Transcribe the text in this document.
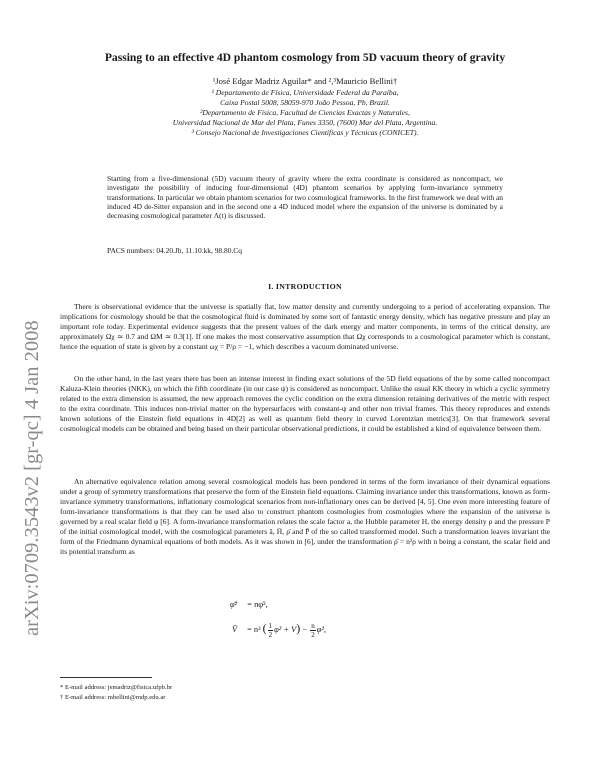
arXiv:0709.3543v2 [gr-qc] 4 Jan 2008
Passing to an effective 4D phantom cosmology from 5D vacuum theory of gravity
¹José Edgar Madriz Aguilar* and ²,³Mauricio Bellini†
¹ Departamento de Física, Universidade Federal da Paraíba,
Caixa Postal 5008, 58059-970 João Pessoa, Pb, Brazil.
²Departamento de Física, Facultad de Ciencias Exactas y Naturales,
Universidad Nacional de Mar del Plata, Funes 3350, (7600) Mar del Plata, Argentina.
³ Consejo Nacional de Investigaciones Científicas y Técnicas (CONICET).
Starting from a five-dimensional (5D) vacuum theory of gravity where the extra coordinate is considered as noncompact, we investigate the possibility of inducing four-dimensional (4D) phantom scenarios by applying form-invariance symmetry transformations. In particular we obtain phantom scenarios for two cosmological frameworks. In the first framework we deal with an induced 4D de-Sitter expansion and in the second one a 4D induced model where the expansion of the universe is dominated by a decreasing cosmological parameter Λ(t) is discussed.
PACS numbers: 04.20.Jb, 11.10.kk, 98.80.Cq
I. INTRODUCTION

There is observational evidence that the universe is spatially flat, low matter density and currently undergoing to a period of accelerating expansion. The implications for cosmology should be that the cosmological fluid is dominated by some sort of fantastic energy density, which has negative pressure and play an important role today. Experimental evidence suggests that the present values of the dark energy and matter components, in terms of the critical density, are approximately Ωχ ≃ 0.7 and ΩM ≃ 0.3[1]. If one makes the most conservative assumption that Ωχ corresponds to a cosmological parameter which is constant, hence the equation of state is given by a constant ωχ = P/ρ = −1, which describes a vacuum dominated universe.

On the other hand, in the last years there has been an intense interest in finding exact solutions of the 5D field equations of the by some called noncompact Kaluza-Klein theories (NKK), on which the fifth coordinate (in our case ψ) is considered as noncompact. Unlike the usual KK theory in which a cyclic symmetry related to the extra dimension is assumed, the new approach removes the cyclic condition on the extra dimension retaining derivatives of the metric with respect to the extra coordinate. This induces non-trivial matter on the hypersurfaces with constant-ψ and other non trivial frames. This theory reproduces and extends known solutions of the Einstein field equations in 4D[2] as well as quantum field theory in curved Lorentzian metrics[3]. On that framework several cosmological models can be obtained and being based on their particular observational predictions, it could be established a kind of equivalence between them.

An alternative equivalence relation among several cosmological models has been pondered in terms of the form invariance of their dynamical equations under a group of symmetry transformations that preserve the form of the Einstein field equations. Claiming invariance under this transformations, known as form-invariance symmetry transformations, inflationary cosmological scenarios from non-inflationary ones can be derived [4, 5]. One even more interesting feature of form-invariance transformations is that they can be used also to construct phantom cosmologies from cosmologies where the expansion of the universe is governed by a real scalar field φ [6]. A form-invariance transformation relates the scale factor a, the Hubble parameter H, the energy density ρ and the pressure P of the initial cosmological model, with the cosmological parameters ā, H̄, ρ̄ and P̄ of the so called transformed model. Such a transformation leaves invariant the form of the Friedmann dynamical equations of both models. As it was shown in [6], under the transformation ρ̄ = n²ρ with n being a constant, the scalar field and its potential transform as

φ̄̇² = nφ̇²,
V̄ = n² ( $\frac{1}{2}$ φ̇² + $V) - \frac{n}{2}$ φ̇²,
* E-mail address: jemadriz@fisica.ufpb.br
† E-mail address: mbellini@mdp.edu.ar
